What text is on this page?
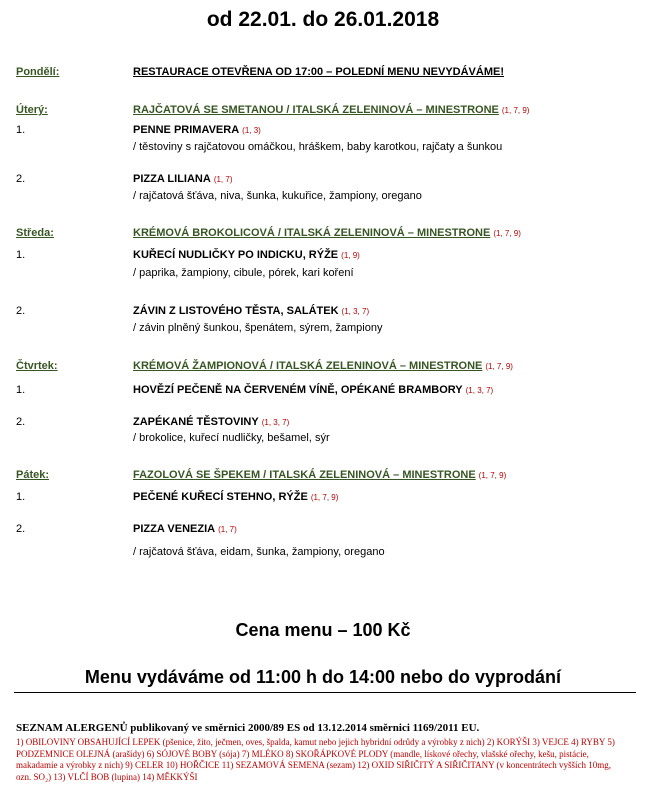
od 22.01. do 26.01.2018
Pondělí:	RESTAURACE OTEVŘENA OD 17:00 – POLEDNÍ MENU NEVYDÁVÁME!
Úterý:	RAJČATOVÁ SE SMETANOU / ITALSKÁ ZELENINOVÁ – MINESTRONE (1, 7, 9)
1.	PENNE PRIMAVERA (1, 3)
/ těstoviny s rajčatovou omáčkou, hráškem, baby karotkou, rajčaty a šunkou
2.	PIZZA LILIANA (1, 7)
/ rajčatová šťáva, niva, šunka, kukuřice, žampiony, oregano
Středa:	KRÉMOVÁ BROKOLICOVÁ / ITALSKÁ ZELENINOVÁ – MINESTRONE (1, 7, 9)
1.	KUŘECÍ NUDLIČKY PO INDICKU, RÝŽE (1, 9)
/ paprika, žampiony, cibule, pórek, kari koření
2.	ZÁVIN Z LISTOVÉHO TĚSTA, SALÁTEK (1, 3, 7)
/ závin plněný šunkou, špenátem, sýrem, žampiony
Čtvrtek:	KRÉMOVÁ ŽAMPIONOVÁ / ITALSKÁ ZELENINOVÁ – MINESTRONE (1, 7, 9)
1.	HOVĚZÍ PEČENĚ NA ČERVENÉM VÍNĚ, OPÉKANÉ BRAMBORY (1, 3, 7)
2.	ZAPÉKANÉ TĚSTOVINY (1, 3, 7)
/ brokolice, kuřecí nudličky, bešamel, sýr
Pátek:	FAZOLOVÁ SE ŠPEKEM / ITALSKÁ ZELENINOVÁ – MINESTRONE (1, 7, 9)
1.	PEČENÉ KUŘECÍ STEHNO, RÝŽE (1, 7, 9)
2.	PIZZA VENEZIA (1, 7)
/ rajčatová šťáva, eidam, šunka, žampiony, oregano
Cena menu – 100 Kč
Menu vydáváme od 11:00 h do 14:00 nebo do vyprodání
SEZNAM ALERGENŮ publikovaný ve směrnici 2000/89 ES od 13.12.2014 směrnici 1169/2011 EU.
1) OBILOVINY OBSAHUJÍCÍ LEPEK (pšenice, žito, ječmen, oves, špalda, kamut nebo jejich hybridní odrůdy a výrobky z nich) 2) KORÝŠI 3) VEJCE 4) RYBY 5) PODZEMNICE OLEJNÁ (arašídy) 6) SÓJOVÉ BOBY (sója) 7) MLÉKO 8) SKOŘÁPKOVÉ PLODY (mandle, lískové ořechy, vlašské ořechy, kešu, pistácie, makadamie a výrobky z nich) 9) CELER 10) HOŘČICE 11) SEZAMOVÁ SEMENA (sezam) 12) OXID SIŘIČITÝ A SIŘIČITANY (v koncentrátech vyšších 10mg, ozn. SO₂) 13) VLČÍ BOB (lupina) 14) MĚKKÝŠI
